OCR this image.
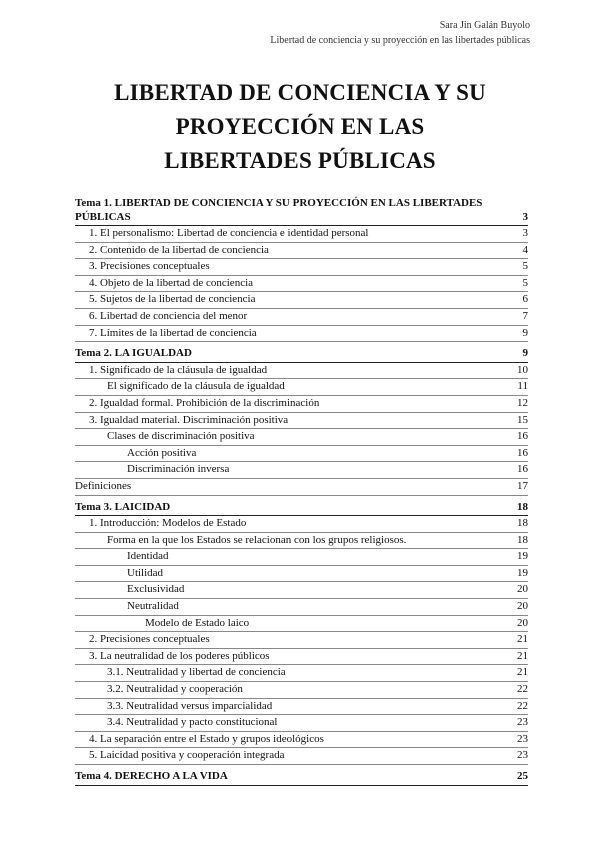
Sara Jin Galán Buyolo
Libertad de conciencia y su proyección en las libertades públicas
LIBERTAD DE CONCIENCIA Y SU
PROYECCIÓN EN LAS
LIBERTADES PÚBLICAS
Tema 1. LIBERTAD DE CONCIENCIA Y SU PROYECCIÓN EN LAS LIBERTADES PÚBLICAS	3
1. El personalismo: Libertad de conciencia e identidad personal	3
2. Contenido de la libertad de conciencia	4
3. Precisiones conceptuales	5
4. Objeto de la libertad de conciencia	5
5. Sujetos de la libertad de conciencia	6
6. Libertad de conciencia del menor	7
7. Límites de la libertad de conciencia	9
Tema 2. LA IGUALDAD	9
1. Significado de la cláusula de igualdad	10
El significado de la cláusula de igualdad	11
2. Igualdad formal. Prohibición de la discriminación	12
3. Igualdad material. Discriminación positiva	15
Clases de discriminación positiva	16
Acción positiva	16
Discriminación inversa	16
Definiciones	17
Tema 3. LAICIDAD	18
1. Introducción: Modelos de Estado	18
Forma en la que los Estados se relacionan con los grupos religiosos.	18
Identidad	19
Utilidad	19
Exclusividad	20
Neutralidad	20
Modelo de Estado laico	20
2. Precisiones conceptuales	21
3. La neutralidad de los poderes públicos	21
3.1. Neutralidad y libertad de conciencia	21
3.2. Neutralidad y cooperación	22
3.3. Neutralidad versus imparcialidad	22
3.4. Neutralidad y pacto constitucional	23
4. La separación entre el Estado y grupos ideológicos	23
5. Laicidad positiva y cooperación integrada	23
Tema 4. DERECHO A LA VIDA	25
